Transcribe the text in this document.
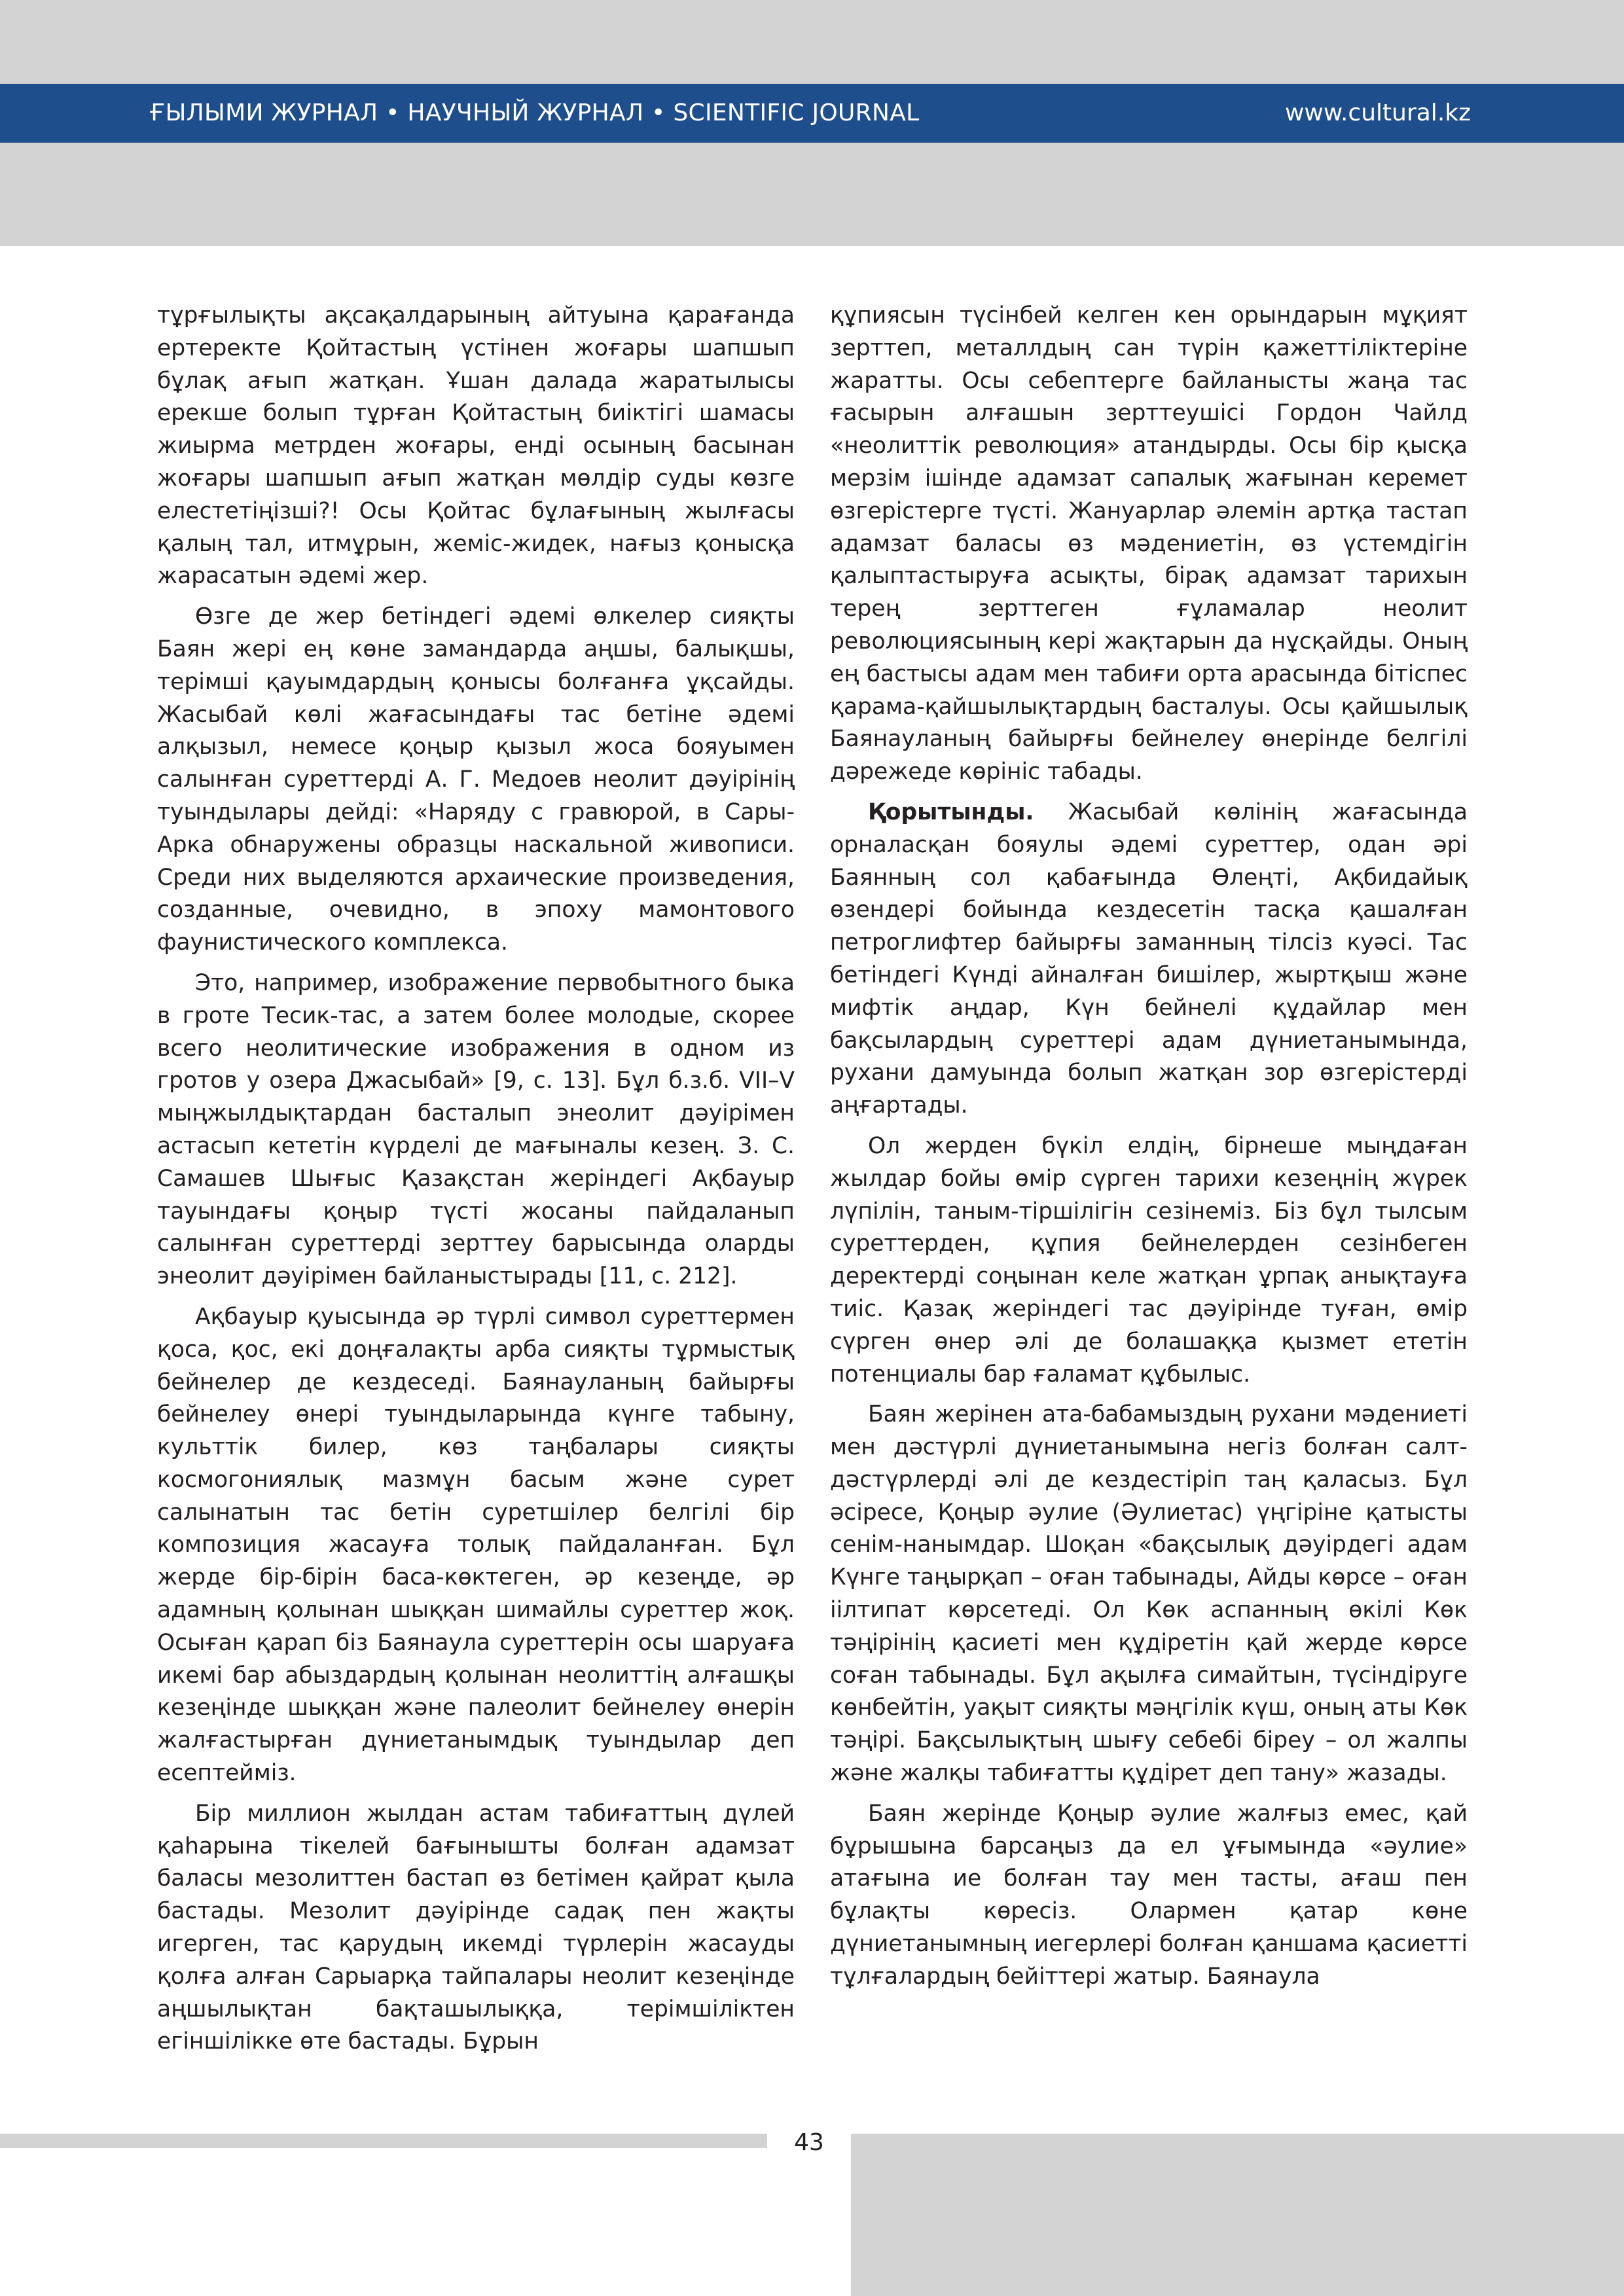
ҒЫЛЫМИ ЖУРНАЛ • НАУЧНЫЙ ЖУРНАЛ • SCIENTIFIC JOURNAL	www.cultural.kz

тұрғылықты ақсақалдарының айтуына қарағанда ертеректе Қойтастың үстінен жоғары шапшып бұлақ ағып жатқан. Ұшан далада жаратылысы ерекше болып тұрған Қойтастың биіктігі шамасы жиырма метрден жоғары, енді осының басынан жоғары шапшып ағып жатқан мөлдір суды көзге елестетіңізші?! Осы Қойтас бұлағының жылғасы қалың тал, итмұрын, жеміс-жидек, нағыз қонысқа жарасатын әдемі жер.

Өзге де жер бетіндегі әдемі өлкелер сияқты Баян жері ең көне замандарда аңшы, балықшы, терімші қауымдардың қонысы болғанға ұқсайды. Жасыбай көлі жағасындағы тас бетіне әдемі алқызыл, немесе қоңыр қызыл жоса бояуымен салынған суреттерді А. Г. Медоев неолит дәуірінің туындылары дейді: «Наряду с гравюрой, в Сары-Арка обнаружены образцы наскальной живописи. Среди них выделяются архаические произведения, созданные, очевидно, в эпоху мамонтового фаунистического комплекса.

Это, например, изображение первобытного быка в гроте Тесик-тас, а затем более молодые, скорее всего неолитические изображения в одном из гротов у озера Джасыбай» [9, с. 13]. Бұл б.з.б. VII–V мыңжылдықтардан басталып энеолит дәуірімен астасып кететін күрделі де мағыналы кезең. З. С. Самашев Шығыс Қазақстан жеріндегі Ақбауыр тауындағы қоңыр түсті жосаны пайдаланып салынған суреттерді зерттеу барысында оларды энеолит дәуірімен байланыстырады [11, с. 212].

Ақбауыр қуысында әр түрлі символ суреттермен қоса, қос, екі доңғалақты арба сияқты тұрмыстық бейнелер де кездеседі. Баянауланың байырғы бейнелеу өнері туындыларында күнге табыну, культтік билер, көз таңбалары сияқты космогониялық мазмұн басым және сурет салынатын тас бетін суретшілер белгілі бір композиция жасауға толық пайдаланған. Бұл жерде бір-бірін баса-көктеген, әр кезеңде, әр адамның қолынан шыққан шимайлы суреттер жоқ. Осыған қарап біз Баянаула суреттерін осы шаруаға икемі бар абыздардың қолынан неолиттің алғашқы кезеңінде шыққан және палеолит бейнелеу өнерін жалғастырған дүниетанымдық туындылар деп есептейміз.

Бір миллион жылдан астам табиғаттың дүлей қаһарына тікелей бағынышты болған адамзат баласы мезолиттен бастап өз бетімен қайрат қыла бастады. Мезолит дәуірінде садақ пен жақты игерген, тас қарудың икемді түрлерін жасауды қолға алған Сарыарқа тайпалары неолит кезеңінде аңшылықтан бақташылыққа, терімшіліктен егіншілікке өте бастады. Бұрын

құпиясын түсінбей келген кен орындарын мұқият зерттеп, металлдың сан түрін қажеттіліктеріне жаратты. Осы себептерге байланысты жаңа тас ғасырын алғашын зерттеушісі Гордон Чайлд «неолиттік революция» атандырды. Осы бір қысқа мерзім ішінде адамзат сапалық жағынан керемет өзгерістерге түсті. Жануарлар әлемін артқа тастап адамзат баласы өз мәдениетін, өз үстемдігін қалыптастыруға асықты, бірақ адамзат тарихын терең зерттеген ғұламалар неолит революциясының кері жақтарын да нұсқайды. Оның ең бастысы адам мен табиғи орта арасында бітіспес қарама-қайшылықтардың басталуы. Осы қайшылық Баянауланың байырғы бейнелеу өнерінде белгілі дәрежеде көрініс табады.

Қорытынды. Жасыбай көлінің жағасында орналасқан бояулы әдемі суреттер, одан әрі Баянның сол қабағында Өлеңті, Ақбидайық өзендері бойында кездесетін тасқа қашалған петроглифтер байырғы заманның тілсіз куәсі. Тас бетіндегі Күнді айналған бишілер, жыртқыш және мифтік аңдар, Күн бейнелі құдайлар мен бақсылардың суреттері адам дүниетанымында, рухани дамуында болып жатқан зор өзгерістерді аңғартады.

Ол жерден бүкіл елдің, бірнеше мыңдаған жылдар бойы өмір сүрген тарихи кезеңнің жүрек лүпілін, таным-тіршілігін сезінеміз. Біз бұл тылсым суреттерден, құпия бейнелерден сезінбеген деректерді соңынан келе жатқан ұрпақ анықтауға тиіс. Қазақ жеріндегі тас дәуірінде туған, өмір сүрген өнер әлі де болашаққа қызмет ететін потенциалы бар ғаламат құбылыс.

Баян жерінен ата-бабамыздың рухани мәдениеті мен дәстүрлі дүниетанымына негіз болған салт-дәстүрлерді әлі де кездестіріп таң қаласыз. Бұл әсіресе, Қоңыр әулие (Әулиетас) үңгіріне қатысты сенім-нанымдар. Шоқан «бақсылық дәуірдегі адам Күнге таңырқап – оған табынады, Айды көрсе – оған іілтипат көрсетеді. Ол Көк аспанның өкілі Көк тәңірінің қасиеті мен құдіретін қай жерде көрсе соған табынады. Бұл ақылға симайтын, түсіндіруге көнбейтін, уақыт сияқты мәңгілік күш, оның аты Көк тәңірі. Бақсылықтың шығу себебі біреу – ол жалпы және жалқы табиғатты құдірет деп тану» жазады.

Баян жерінде Қоңыр әулие жалғыз емес, қай бұрышына барсаңыз да ел ұғымында «әулие» атағына ие болған тау мен тасты, ағаш пен бұлақты көресіз. Олармен қатар көне дүниетанымның иегерлері болған қаншама қасиетті тұлғалардың бейіттері жатыр. Баянаула

43
